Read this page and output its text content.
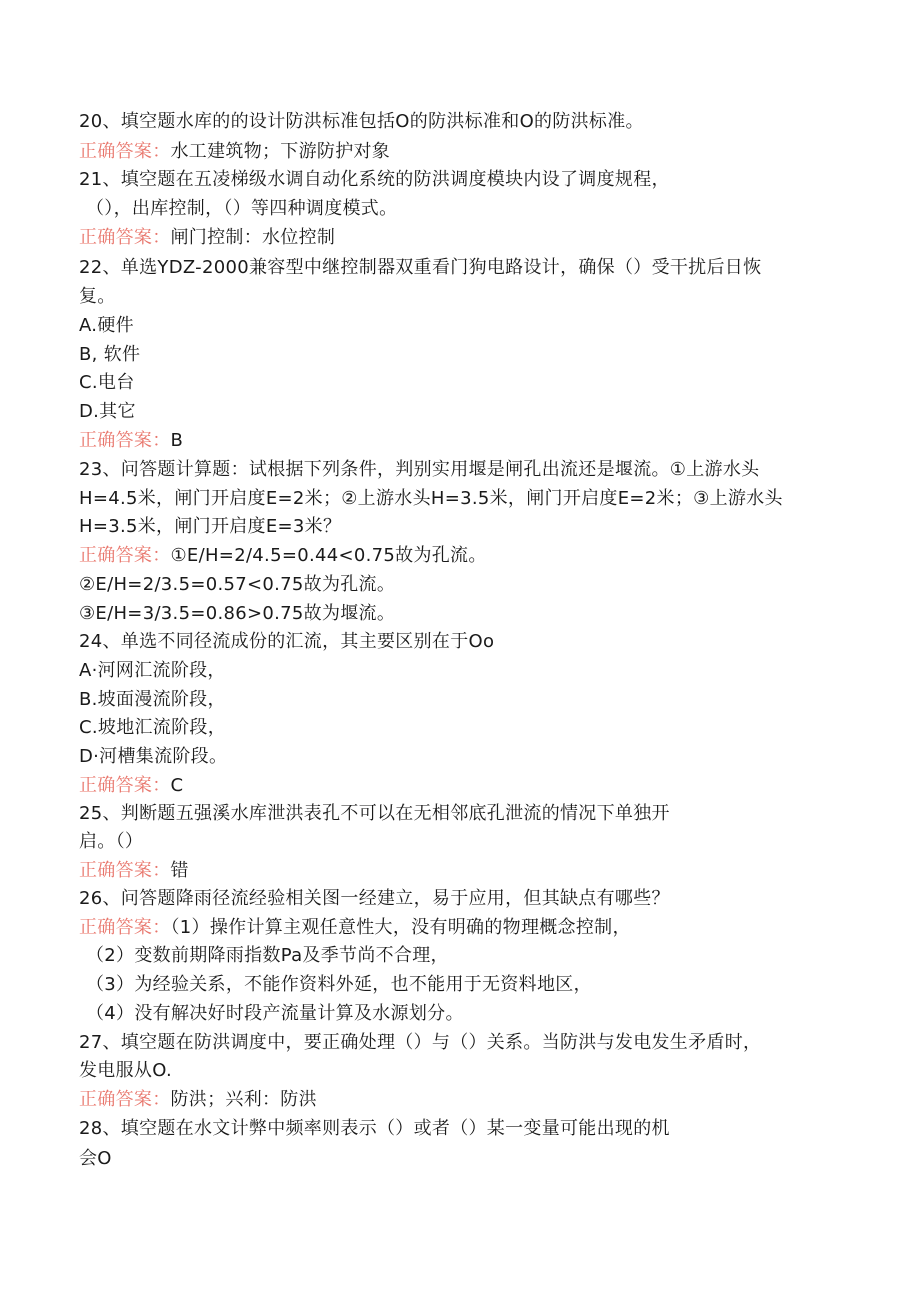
20、填空题水库的的设计防洪标准包括O的防洪标准和O的防洪标准。
正确答案：水工建筑物；下游防护对象
21、填空题在五凌梯级水调自动化系统的防洪调度模块内设了调度规程，
（），出库控制，（）等四种调度模式。
正确答案：闸门控制：水位控制
22、单选YDZ-2000兼容型中继控制器双重看门狗电路设计，确保（）受干扰后日恢
复。
A.硬件
B, 软件
C.电台
D.其它
正确答案：B
23、问答题计算题：试根据下列条件，判别实用堰是闸孔出流还是堰流。①上游水头
H=4.5米，闸门开启度E=2米；②上游水头H=3.5米，闸门开启度E=2米；③上游水头
H=3.5米，闸门开启度E=3米？
正确答案：①E/H=2/4.5=0.44<0.75故为孔流。
②E/H=2/3.5=0.57<0.75故为孔流。
③E/H=3/3.5=0.86>0.75故为堰流。
24、单选不同径流成份的汇流，其主要区别在于Oo
A·河网汇流阶段，
B.坡面漫流阶段，
C.坡地汇流阶段，
D·河槽集流阶段。
正确答案：C
25、判断题五强溪水库泄洪表孔不可以在无相邻底孔泄流的情况下单独开
启。（）
正确答案：错
26、问答题降雨径流经验相关图一经建立，易于应用，但其缺点有哪些？
正确答案：（1）操作计算主观任意性大，没有明确的物理概念控制，
（2）变数前期降雨指数Pa及季节尚不合理，
（3）为经验关系，不能作资料外延，也不能用于无资料地区，
（4）没有解决好时段产流量计算及水源划分。
27、填空题在防洪调度中，要正确处理（）与（）关系。当防洪与发电发生矛盾时，
发电服从O.
正确答案：防洪；兴利：防洪
28、填空题在水文计弊中频率则表示（）或者（）某一变量可能出现的机
会O
